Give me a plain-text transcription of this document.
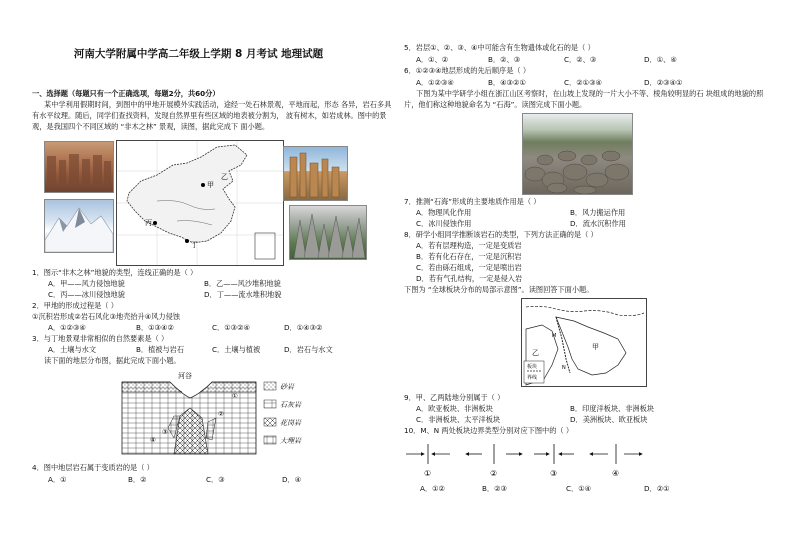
河南大学附属中学高二年级上学期 8 月考试 地理试题
一、选择题（每题只有一个正确选项，每题2分，共60分）
某中学利用假期时间，到图中的甲地开展模外实践活动，途经一处石林景观，平地而起，形态 各异，岩石多具有水平纹理。随后，同学们查找资料，发现自然界里有些区域的地表被分割为， 波有树木，如岩成林。图中的景观，是我国四个不同区域的 “非木之林” 景观，读图，据此完成下 面小题。
甲
丙
丁
乙
1．图示“非木之林”地貌的类型，连线正确的是（ ）
A．甲——风力侵蚀地貌	B．乙——风沙堆积地貌
C．丙——冰川侵蚀地貌	D．丁——流水堆积地貌
2．甲地的形成过程是（ ）
①沉积岩形成②岩石风化③地壳抬升④风力侵蚀
A．①②③④	B．①③④②	C．①③②④	D．①④③②
3．与丁地景观非常相似的自然要素是（ ）
A．土壤与水文	B．植被与岩石	C．土壤与植被	D．岩石与水文
读下面的地层分布图，据此完成下面小题。
河谷
④
③
②
①
砂岩
石灰岩
花岗岩
大理岩
4．图中地层岩石属于变质岩的是（ ）
A．①	B．②	C．③	D．④
5．岩层①、②、③、④中可能含有生物遗体或化石的是（ ）
A．①、②	B．②、③	C．②、③	D．①、④
6．①②③④地层形成的先后顺序是（ ）
A．①②③④	B．④③②①	C．②①③④	D．②③④①
下图为某中学研学小组在浙江山区考察时，在山坡上发现的一片大小不等、棱角较明显的石 块组成的地貌的照片，他们称这种地貌命名为 “石海”。读图完成下面小题。
7．推测“石海”形成的主要地质作用是（ ）
A．物理风化作用	B．风力搬运作用
C．冰川侵蚀作用	D．流水沉积作用
8．研学小组同学推断该岩石的类型，下列方法正确的是（ ）
A．若有层理构造，一定是变质岩
B．若有化石存在，一定是沉积岩
C．若由砾石组成，一定是喷出岩
D．若有气孔结构，一定是侵入岩
下图为 “全球板块分布的局部示意图”。读图回答下面小题。
甲
乙
M
N
板块
界线
9．甲、乙两陆地分别属于（ ）
A．欧亚板块、非洲板块	B．印度洋板块、非洲板块
C．非洲板块、太平洋板块	D．美洲板块、欧亚板块
10．M、N 两处板块边界类型分别对应下图中的（ ）
①	②	③	④
A．①②	B．②③	C．①④	D．②①
